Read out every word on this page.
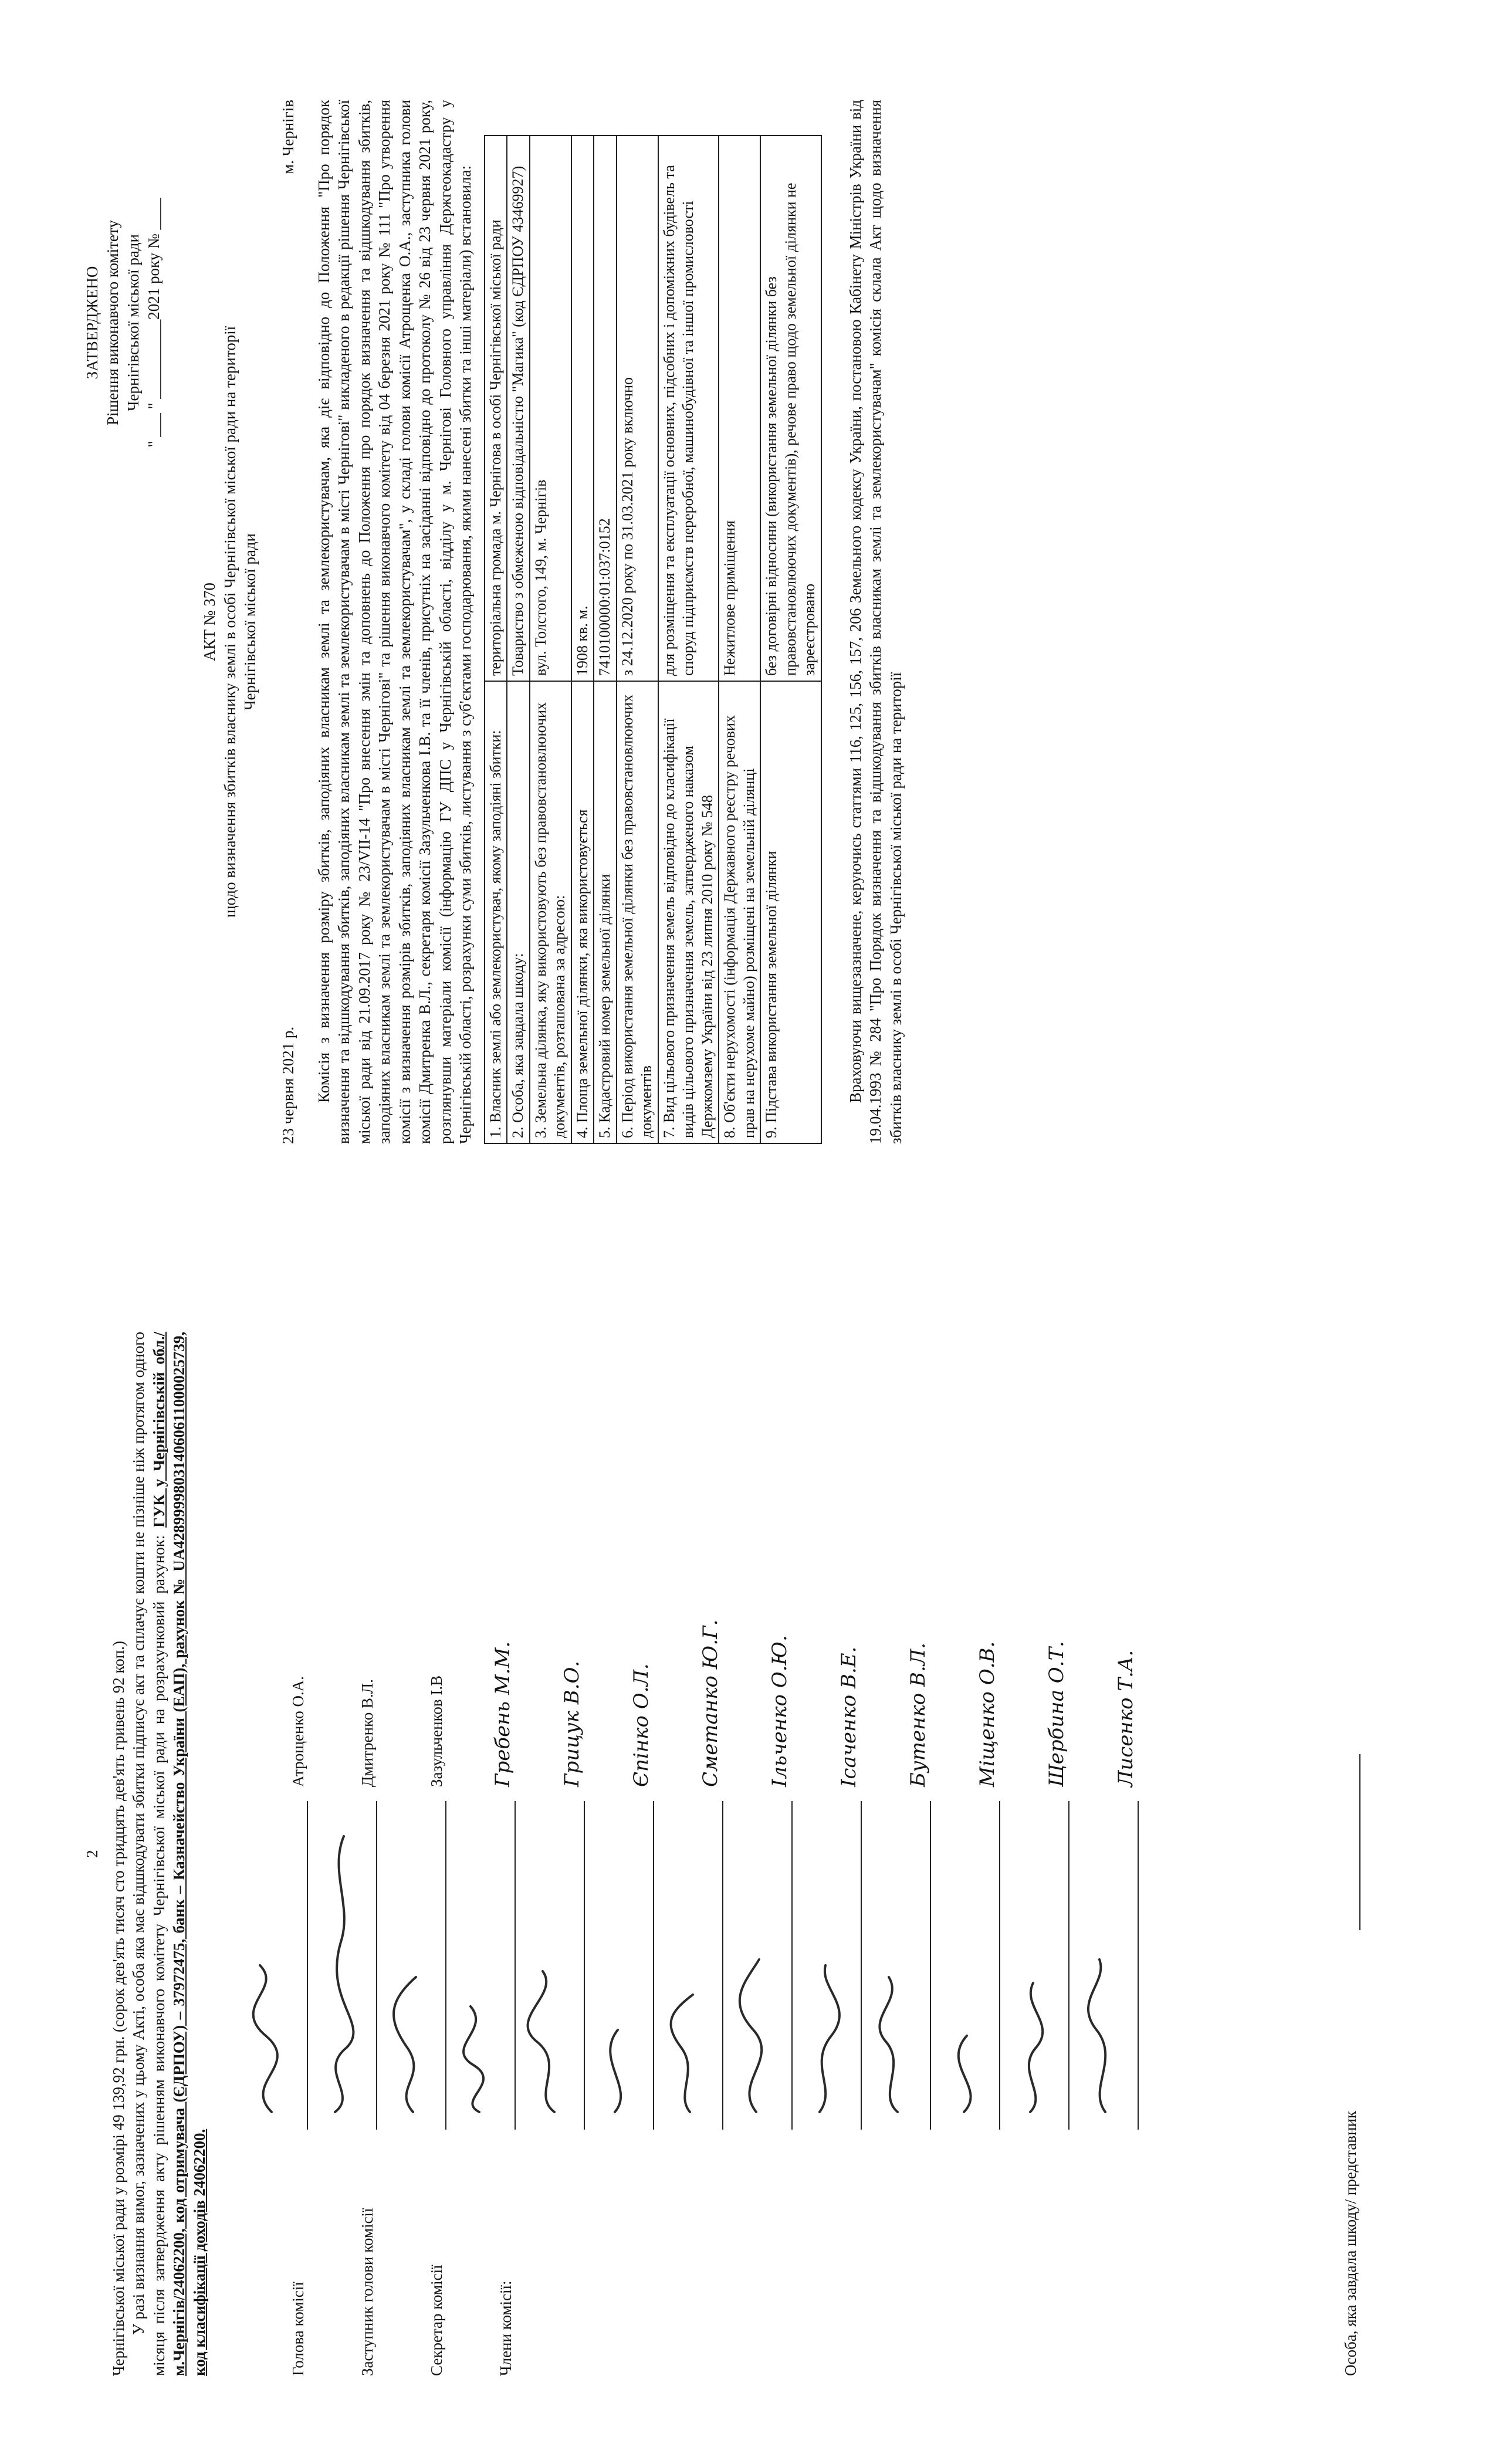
ЗАТВЕРДЖЕНО Рішення виконавчого комітету Чернігівської міської ради " ___ " __________2021 року № ____
АКТ № 370 щодо визначення збитків власнику землі в особі Чернігівської міської ради на території Чернігівської міської ради
23 червня 2021 р.
м. Чернігів Комісія з визначення розміру збитків, заподіяних власникам землі та землекористувачам, яка діє відповідно до Положення "Про порядок визначення та відшкодування збитків, заподіяних власникам землі та землекористувачам в місті Чернігові" викладеного в редакції рішення Чернігівської міської ради від 21.09.2017 року № 23/VII-14 "Про внесення змін та доповнень до Положення про порядок визначення та відшкодування збитків, заподіяних власникам землі та землекористувачам в місті Чернігові" та рішення виконавчого комітету від 04 березня 2021 року № 111 "Про утворення комісії з визначення розмірів збитків, заподіяних власникам землі та землекористувачам", у складі голови комісії Атрощенка О.А., заступника голови комісії Дмитренка В.Л., секретаря комісії Зазульченкова І.В. та її членів, присутніх на засіданні відповідно до протоколу № 26 від 23 червня 2021 року, розглянувши матеріали комісії (інформацію ГУ ДПС у Чернігівській області, відділу у м. Чернігові Головного управління Держгеокадастру у Чернігівській області, розрахунки суми збитків, листування з суб'єктами господарювання, якими нанесені збитки та інші матеріали) встановила: 1. Власник землі або землекористувач, якому заподіяні збитки:	територіальна громада м. Чернігова в особі Чернігівської міської ради
2. Особа, яка завдала шкоду:	Товариство з обмеженою відповідальністю "Магика" (код ЄДРПОУ 43469927)
3. Земельна ділянка, яку використовують без правовстановлюючих документів, розташована за адресою:	вул. Толстого, 149, м. Чернігів
4. Площа земельної ділянки, яка використовується	1908 кв. м.
5. Кадастровий номер земельної ділянки	7410100000:01:037:0152
6. Період використання земельної ділянки без правовстановлюючих документів	з 24.12.2020 року по 31.03.2021 року включно
7. Вид цільового призначення земель відповідно до класифікації видів цільового призначення земель, затвердженого наказом Держкомзему України від 23 липня 2010 року № 548	для розміщення та експлуатації основних, підсобних і допоміжних будівель та споруд підприємств переробної, машинобудівної та іншої промисловості
8. Об'єкти нерухомості (інформація Державного реєстру речових прав на нерухоме майно) розміщені на земельній ділянці	Нежитлове приміщення
9. Підстава використання земельної ділянки	без договірні відносини (використання земельної ділянки без правовстановлюючих документів), речове право щодо земельної ділянки не зареєстровано Враховуючи вищезазначене, керуючись статтями 116, 125, 156, 157, 206 Земельного кодексу України, постановою Кабінету Міністрів України від 19.04.1993 № 284 "Про Порядок визначення та відшкодування збитків власникам землі та землекористувачам" комісія склала Акт щодо визначення збитків власнику землі в особі Чернігівської міської ради на території

2 Чернігівської міської ради у розмірі 49 139,92 грн. (сорок дев'ять тисяч сто тридцять дев'ять гривень 92 коп.) У разі визнання вимог, зазначених у цьому Акті, особа яка має відшкодувати збитки підписує акт та сплачує кошти не пізніше ніж протягом одного місяця після затвердження акту рішенням виконавчого комітету Чернігівської міської ради на розрахунковий рахунок: ГУК у Чернігівській обл./м.Чернігів/24062200, код отримувача (ЄДРПОУ) – 37972475, банк – Казначейство України (ЕАП), рахунок № UA428999980314060611000025739, код класифікації доходів 24062200.	Голова комісії
Атрощенко О.А.
Заступник голови комісії
Дмитренко В.Л.
Секретар комісії
Зазульченков І.В
Члени комісії:
Гребень М.М. Грицук В.О. Єпінко О.Л. Сметанко Ю.Г. Ільченко О.Ю. Ісаченко В.Е. Бутенко В.Л. Міщенко О.В. Щербина О.Т. Лисенко Т.А.
Особа, яка завдала шкоду/ представник
